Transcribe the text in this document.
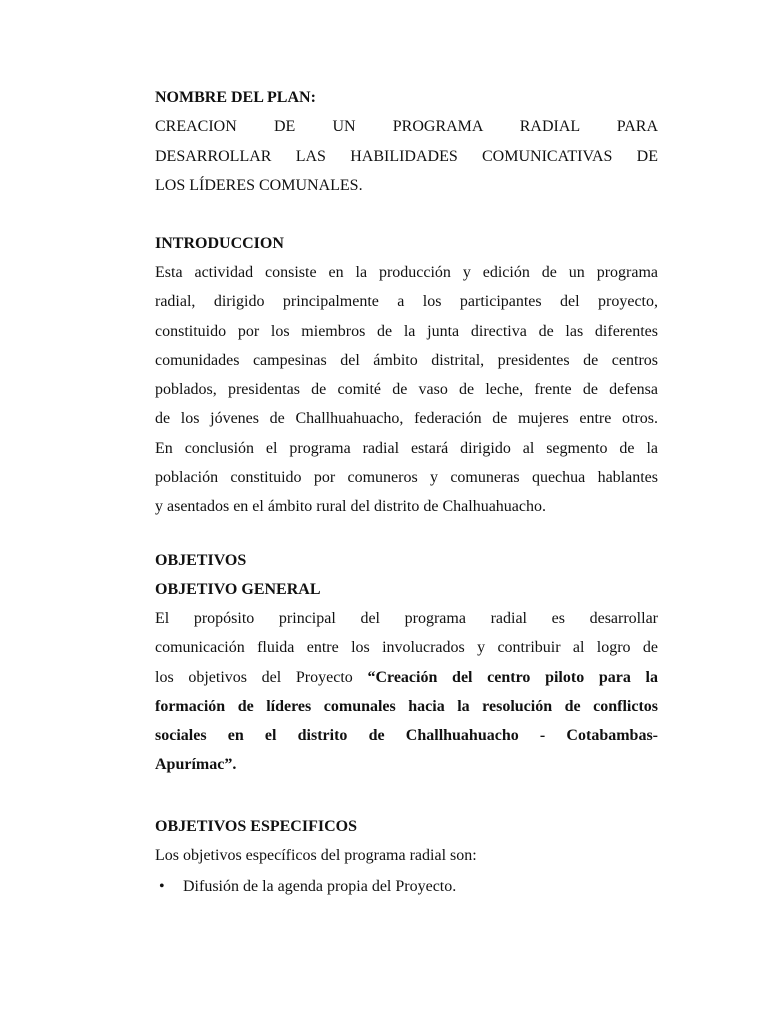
NOMBRE DEL PLAN:

CREACION DE UN PROGRAMA RADIAL PARA

DESARROLLAR LAS HABILIDADES COMUNICATIVAS DE

LOS LÍDERES COMUNALES.

INTRODUCCION

Esta actividad consiste en la producción y edición de un programa

radial, dirigido principalmente a los participantes del proyecto,

constituido por los miembros de la junta directiva de las diferentes

comunidades campesinas del ámbito distrital, presidentes de centros

poblados, presidentas de comité de vaso de leche, frente de defensa

de los jóvenes de Challhuahuacho, federación de mujeres entre otros.

En conclusión el programa radial estará dirigido al segmento de la

población constituido por comuneros y comuneras quechua hablantes

y asentados en el ámbito rural del distrito de Chalhuahuacho.

OBJETIVOS

OBJETIVO GENERAL

El propósito principal del programa radial es desarrollar

comunicación fluida entre los involucrados y contribuir al logro de

los objetivos del Proyecto “Creación del centro piloto para la

formación de líderes comunales hacia la resolución de conflictos

sociales en el distrito de Challhuahuacho - Cotabambas-

Apurímac”.

OBJETIVOS ESPECIFICOS

Los objetivos específicos del programa radial son:

• Difusión de la agenda propia del Proyecto.
